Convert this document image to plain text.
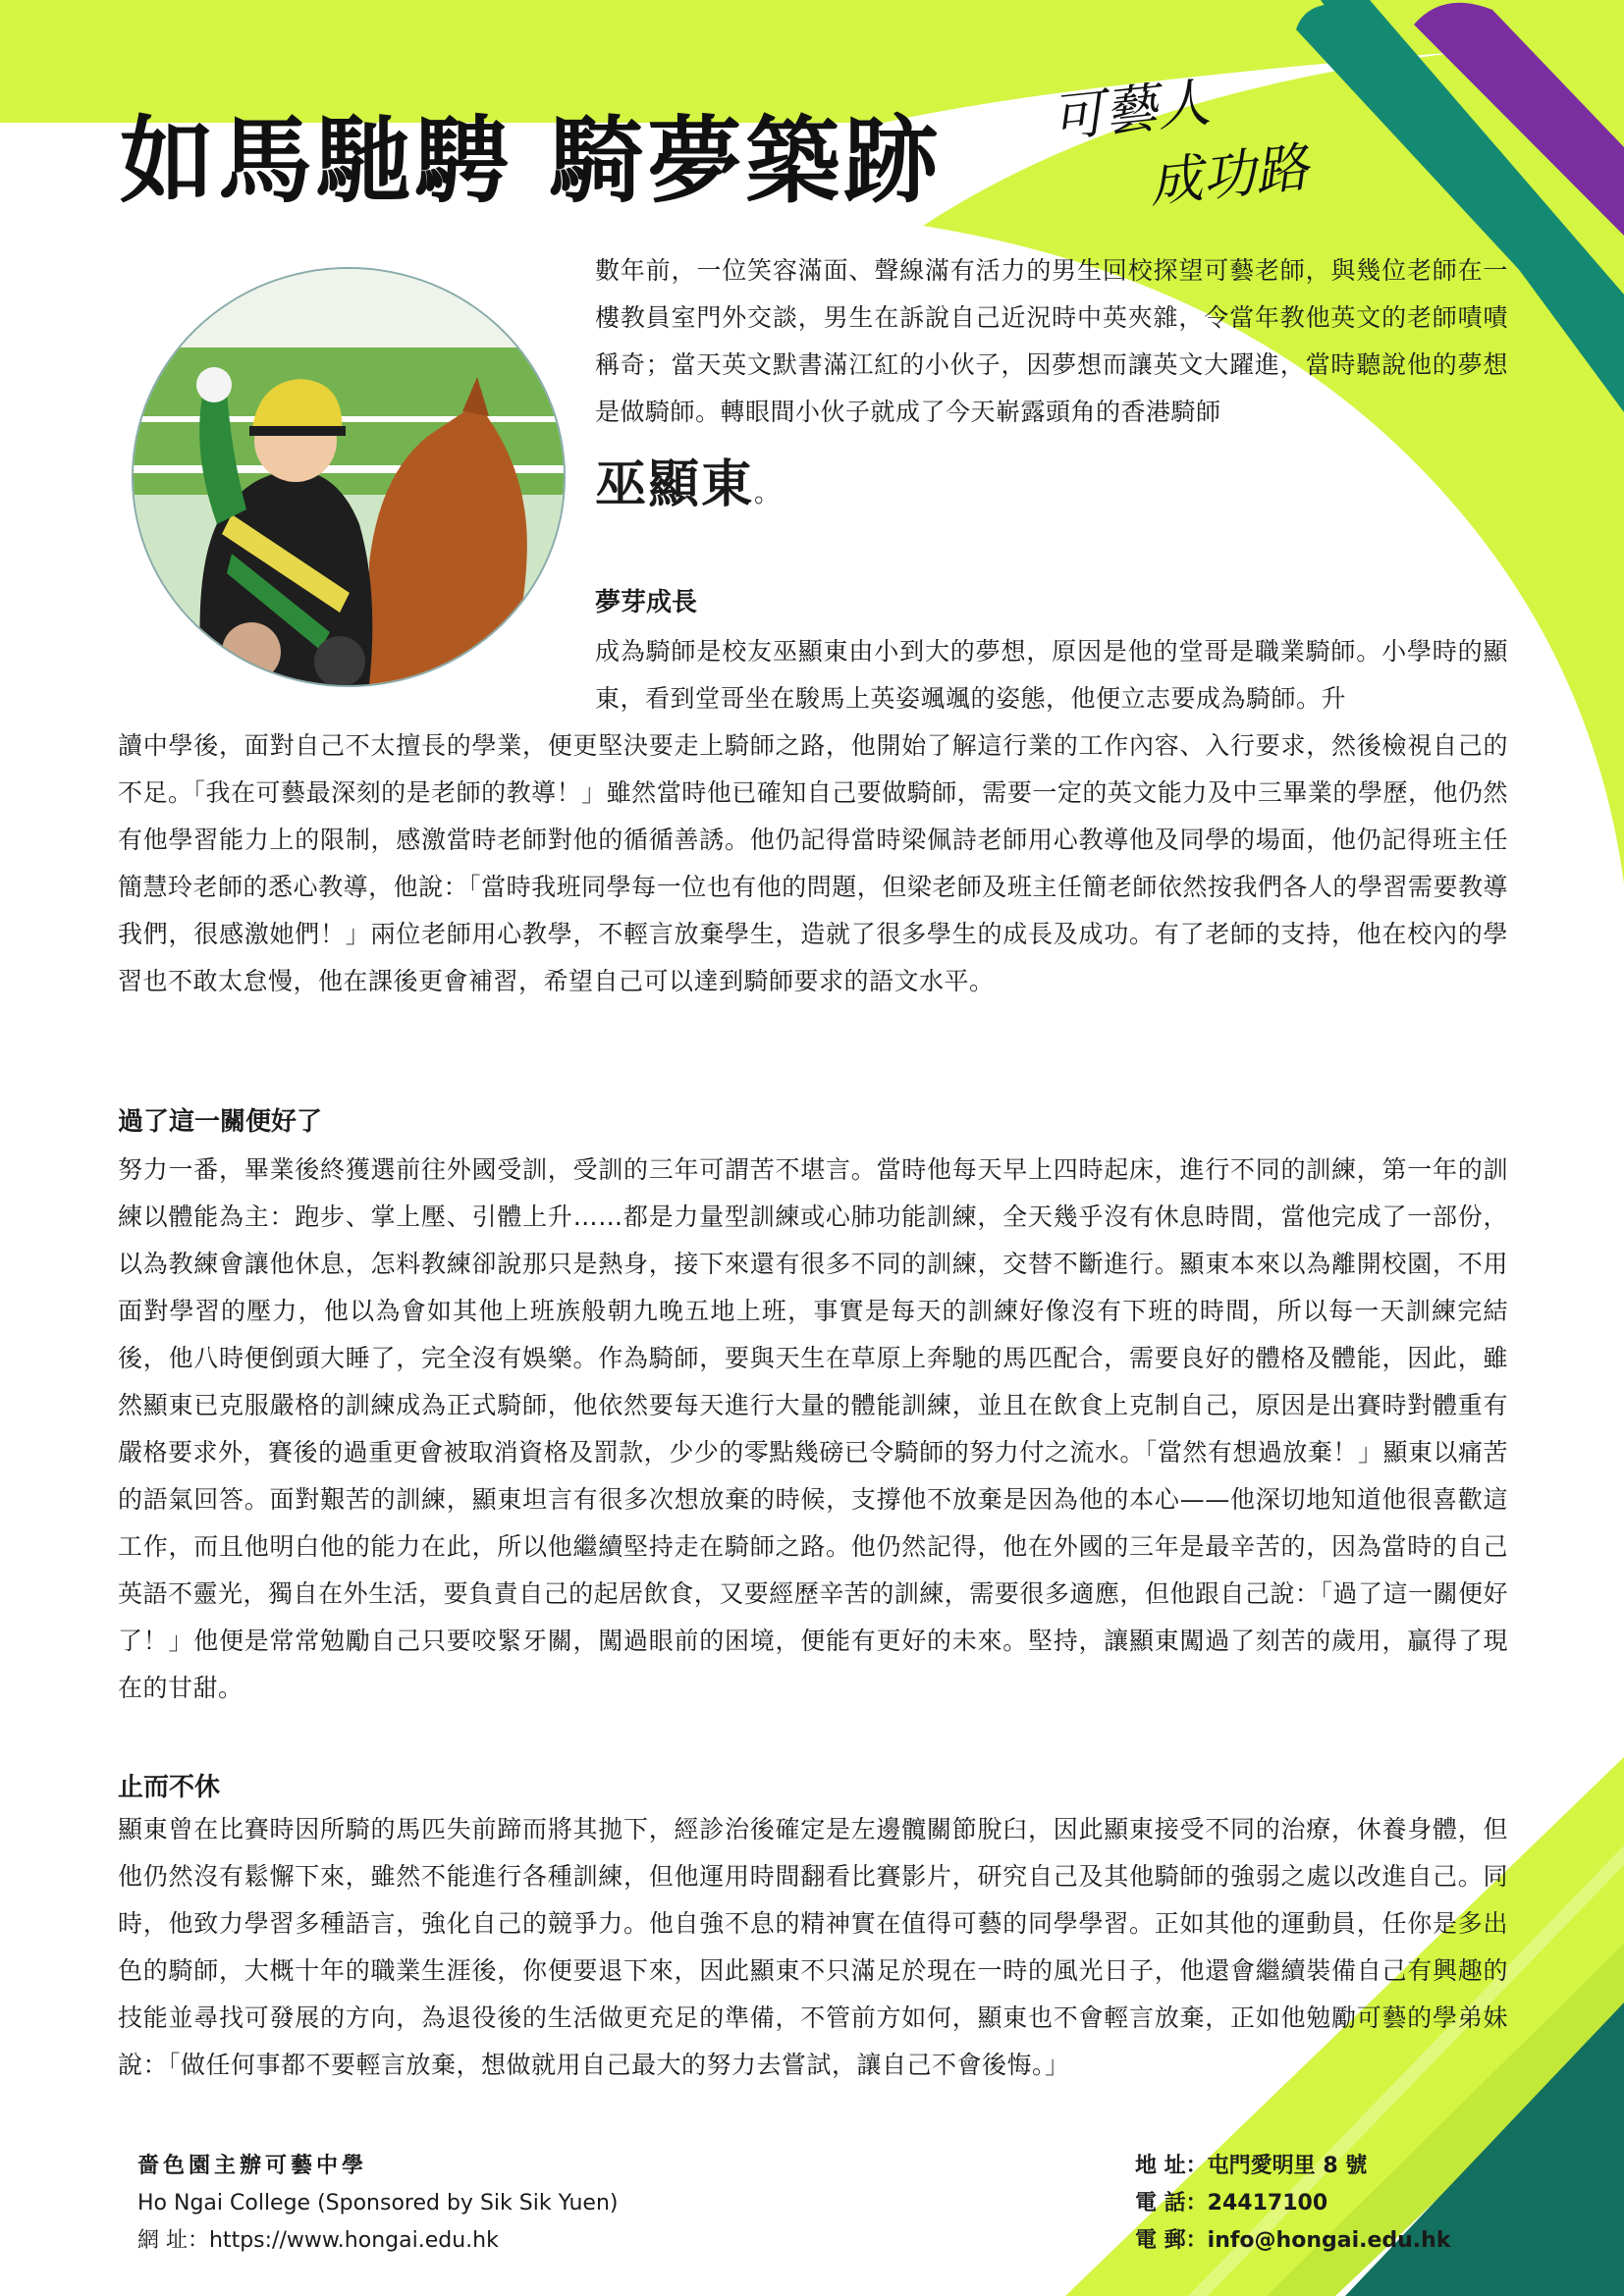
如馬馳騁 騎夢築跡 可藝人
成功路

數年前，一位笑容滿面、聲線滿有活力的男生回校探望可藝老師，與幾位老師在一樓教員室門外交談，男生在訴說自己近況時中英夾雜，令當年教他英文的老師嘖嘖稱奇；當天英文默書滿江紅的小伙子，因夢想而讓英文大躍進，當時聽說他的夢想是做騎師。轉眼間小伙子就成了今天嶄露頭角的香港騎師

巫顯東。
夢芽成長

成為騎師是校友巫顯東由小到大的夢想，原因是他的堂哥是職業騎師。小學時的顯東，看到堂哥坐在駿馬上英姿颯颯的姿態，他便立志要成為騎師。升

讀中學後，面對自己不太擅長的學業，便更堅決要走上騎師之路，他開始了解這行業的工作內容、入行要求，然後檢視自己的不足。「我在可藝最深刻的是老師的教導！」雖然當時他已確知自己要做騎師，需要一定的英文能力及中三畢業的學歷，他仍然有他學習能力上的限制，感激當時老師對他的循循善誘。他仍記得當時梁佩詩老師用心教導他及同學的場面，他仍記得班主任簡慧玲老師的悉心教導，他說：「當時我班同學每一位也有他的問題，但梁老師及班主任簡老師依然按我們各人的學習需要教導我們，很感激她們！」兩位老師用心教學，不輕言放棄學生，造就了很多學生的成長及成功。有了老師的支持，他在校內的學習也不敢太怠慢，他在課後更會補習，希望自己可以達到騎師要求的語文水平。

過了這一關便好了

努力一番，畢業後終獲選前往外國受訓，受訓的三年可謂苦不堪言。當時他每天早上四時起床，進行不同的訓練，第一年的訓練以體能為主：跑步、掌上壓、引體上升……都是力量型訓練或心肺功能訓練，全天幾乎沒有休息時間，當他完成了一部份，以為教練會讓他休息，怎料教練卻說那只是熱身，接下來還有很多不同的訓練，交替不斷進行。顯東本來以為離開校園，不用面對學習的壓力，他以為會如其他上班族般朝九晚五地上班，事實是每天的訓練好像沒有下班的時間，所以每一天訓練完結後，他八時便倒頭大睡了，完全沒有娛樂。作為騎師，要與天生在草原上奔馳的馬匹配合，需要良好的體格及體能，因此，雖然顯東已克服嚴格的訓練成為正式騎師，他依然要每天進行大量的體能訓練，並且在飲食上克制自己，原因是出賽時對體重有嚴格要求外，賽後的過重更會被取消資格及罰款，少少的零點幾磅已令騎師的努力付之流水。「當然有想過放棄！」顯東以痛苦的語氣回答。面對艱苦的訓練，顯東坦言有很多次想放棄的時候，支撐他不放棄是因為他的本心——他深切地知道他很喜歡這工作，而且他明白他的能力在此，所以他繼續堅持走在騎師之路。他仍然記得，他在外國的三年是最辛苦的，因為當時的自己英語不靈光，獨自在外生活，要負責自己的起居飲食，又要經歷辛苦的訓練，需要很多適應，但他跟自己說：「過了這一關便好了！」他便是常常勉勵自己只要咬緊牙關，闖過眼前的困境，便能有更好的未來。堅持，讓顯東闖過了刻苦的歲用，贏得了現在的甘甜。

止而不休

顯東曾在比賽時因所騎的馬匹失前蹄而將其拋下，經診治後確定是左邊髖關節脫臼，因此顯東接受不同的治療，休養身體，但他仍然沒有鬆懈下來，雖然不能進行各種訓練，但他運用時間翻看比賽影片，研究自己及其他騎師的強弱之處以改進自己。同時，他致力學習多種語言，強化自己的競爭力。他自強不息的精神實在值得可藝的同學學習。正如其他的運動員，任你是多出色的騎師，大概十年的職業生涯後，你便要退下來，因此顯東不只滿足於現在一時的風光日子，他還會繼續裝備自己有興趣的技能並尋找可發展的方向，為退役後的生活做更充足的準備，不管前方如何，顯東也不會輕言放棄，正如他勉勵可藝的學弟妹說：「做任何事都不要輕言放棄，想做就用自己最大的努力去嘗試，讓自己不會後悔。」

嗇色園主辦可藝中學
Ho Ngai College (Sponsored by Sik Sik Yuen)
網 址：https://www.hongai.edu.hk
地 址：屯門愛明里 8 號
電 話：24417100
電 郵：info@hongai.edu.hk
